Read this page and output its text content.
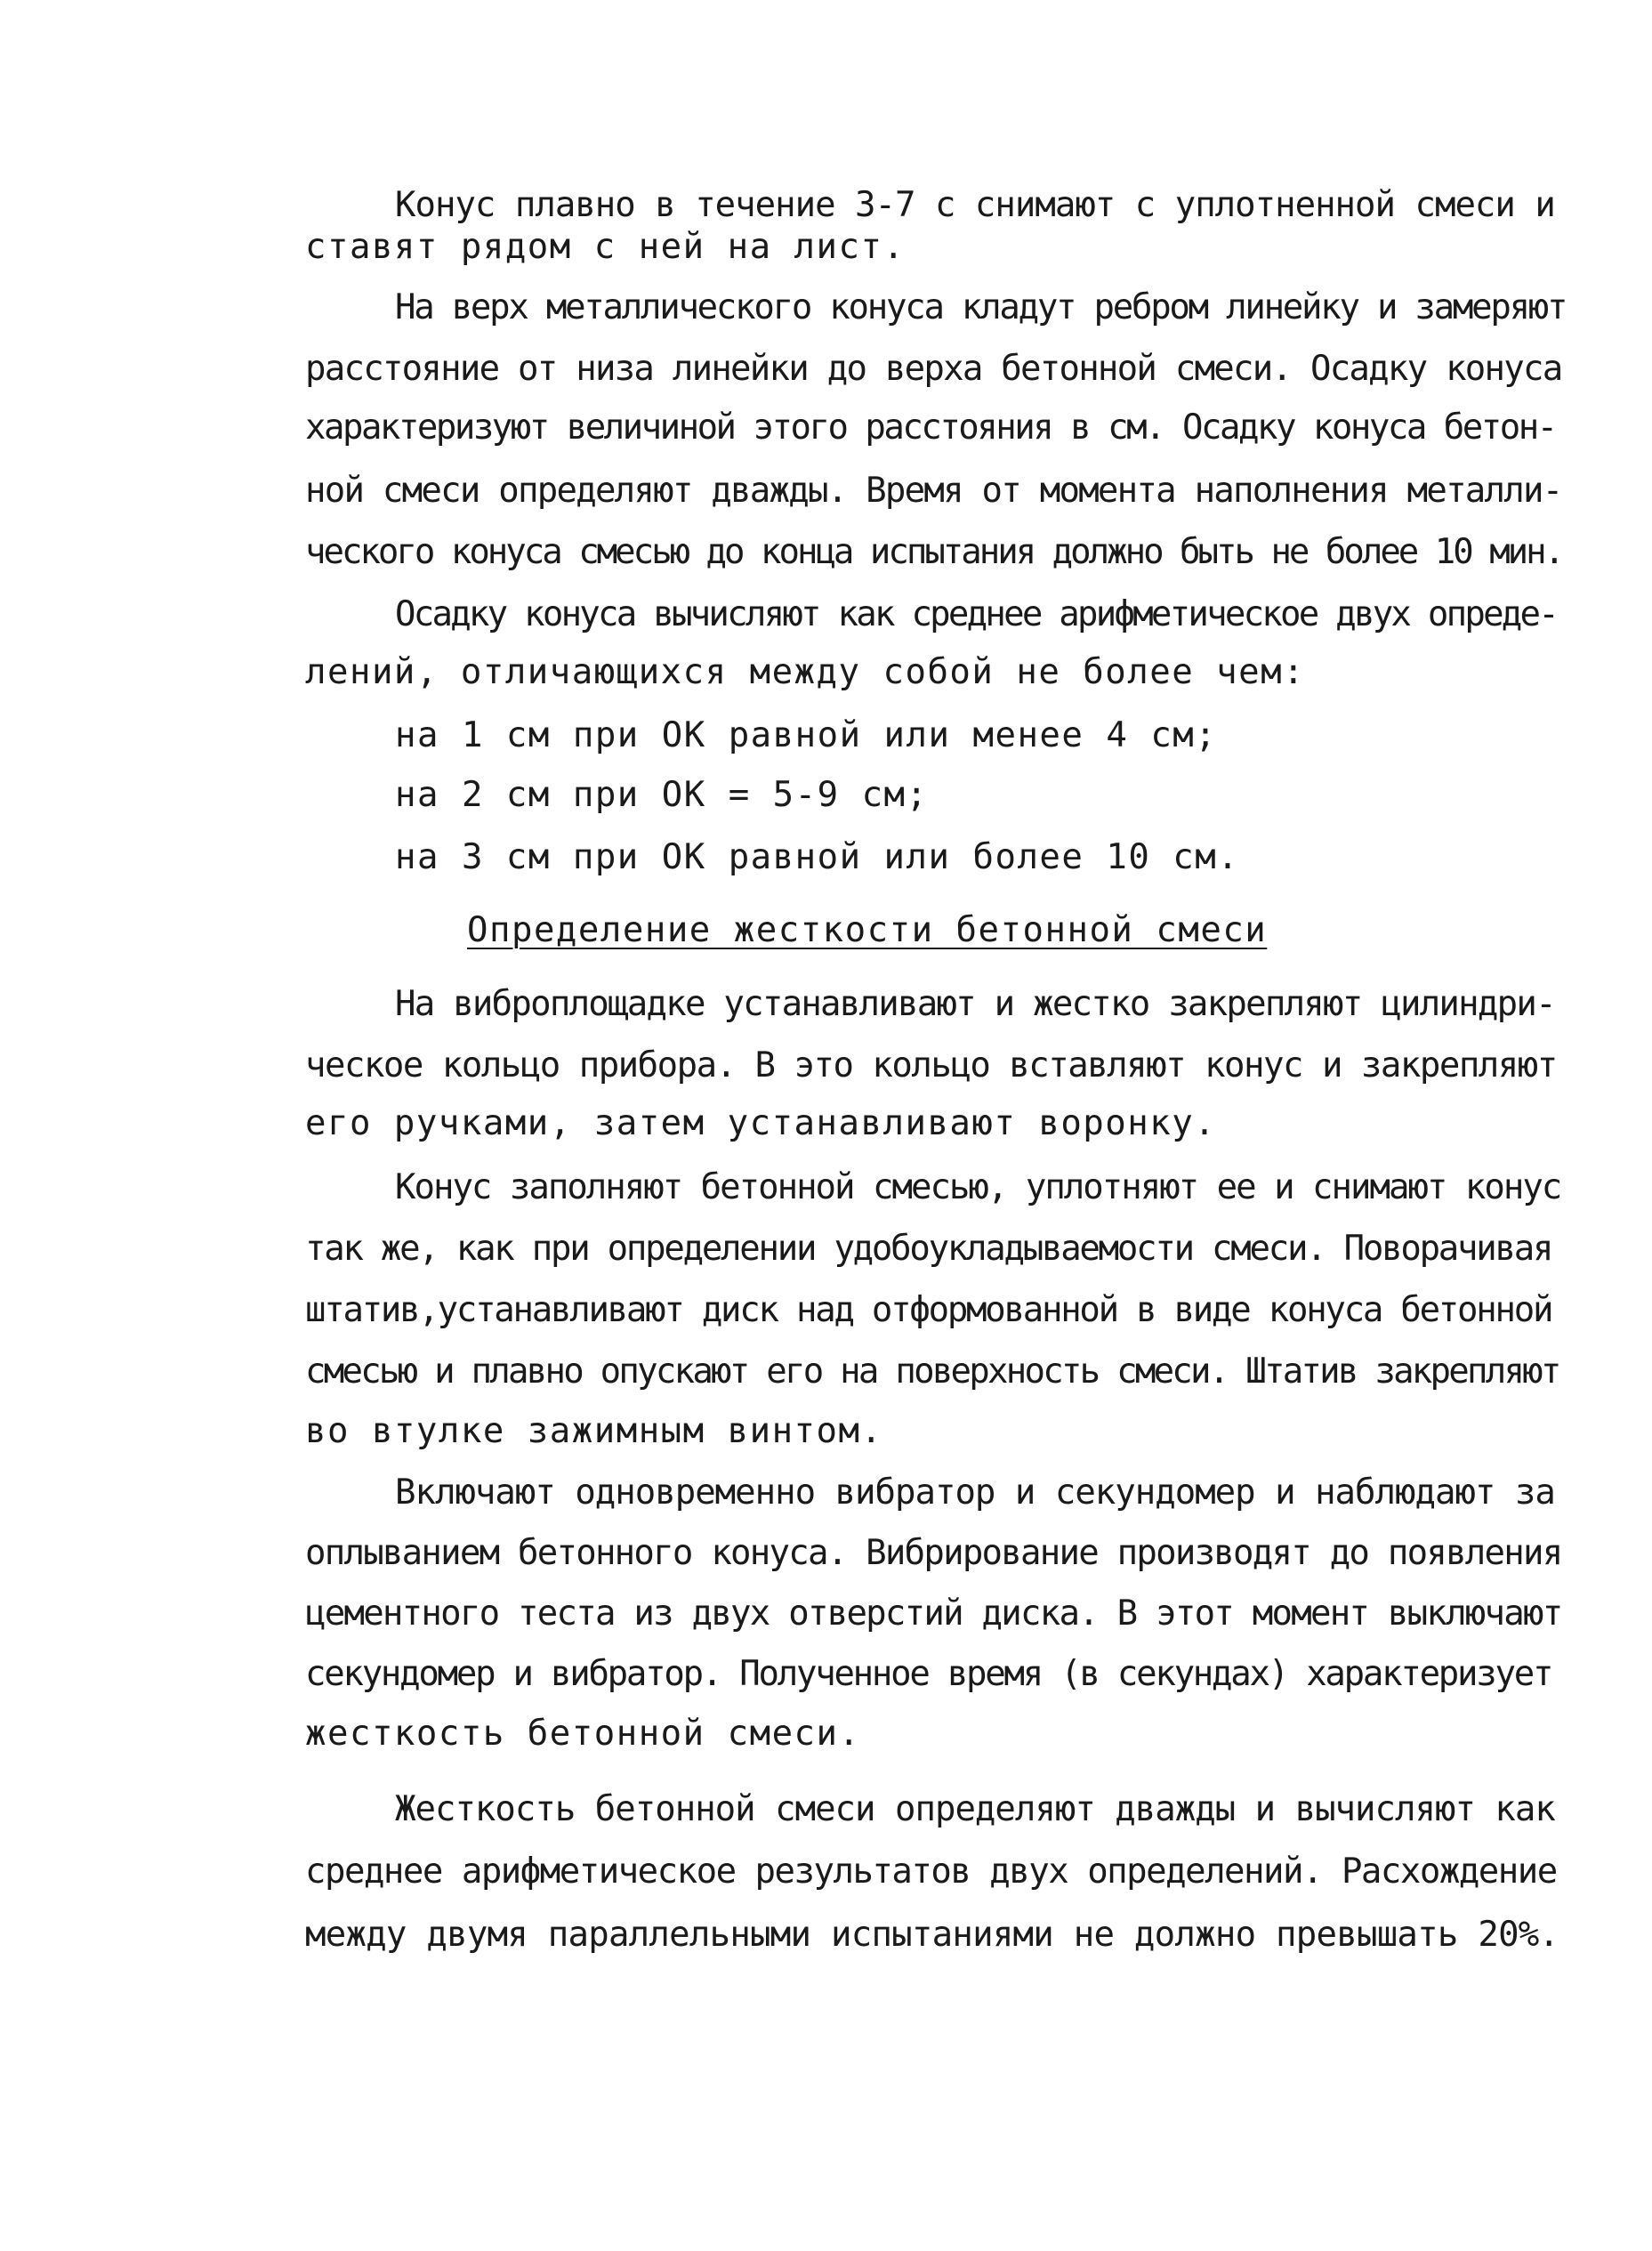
Конус плавно в течение 3-7 с снимают с уплотненной смеси и

ставят рядом с ней на лист.

На верх металлического конуса кладут ребром линейку и замеряют

расстояние от низа линейки до верха бетонной смеси. Осадку конуса

характеризуют величиной этого расстояния в см. Осадку конуса бетон-

ной смеси определяют дважды. Время от момента наполнения металли-

ческого конуса смесью до конца испытания должно быть не более 10 мин.

Осадку конуса вычисляют как среднее арифметическое двух опреде-

лений, отличающихся между собой не более чем:

на 1 см при ОК равной или менее 4 см;

на 2 см при ОК = 5-9 см;

на 3 см при ОК равной или более 10 см.

Определение жесткости бетонной смеси

На виброплощадке устанавливают и жестко закрепляют цилиндри-

ческое кольцо прибора. В это кольцо вставляют конус и закрепляют

его ручками, затем устанавливают воронку.

Конус заполняют бетонной смесью, уплотняют ее и снимают конус

так же, как при определении удобоукладываемости смеси. Поворачивая

штатив,устанавливают диск над отформованной в виде конуса бетонной

смесью и плавно опускают его на поверхность смеси. Штатив закрепляют

во втулке зажимным винтом.

Включают одновременно вибратор и секундомер и наблюдают за

оплыванием бетонного конуса. Вибрирование производят до появления

цементного теста из двух отверстий диска. В этот момент выключают

секундомер и вибратор. Полученное время (в секундах) характеризует

жесткость бетонной смеси.

Жесткость бетонной смеси определяют дважды и вычисляют как

среднее арифметическое результатов двух определений. Расхождение

между двумя параллельными испытаниями не должно превышать 20%.
